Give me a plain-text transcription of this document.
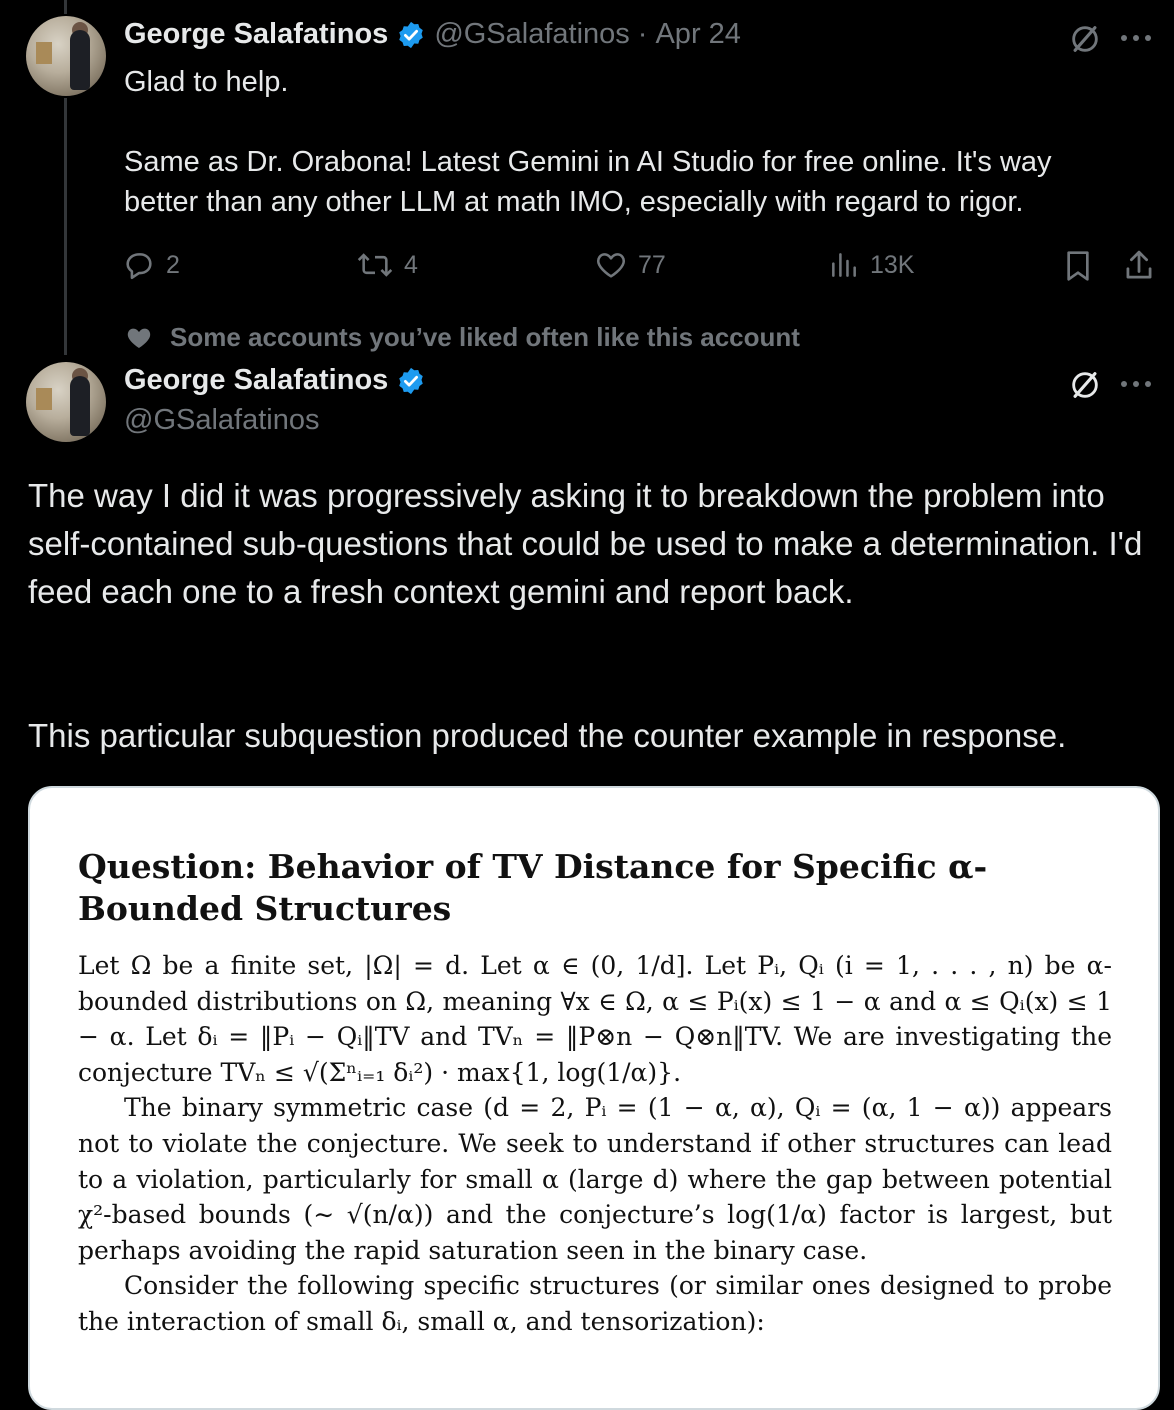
George Salafatinos @GSalafatinos · Apr 24
Glad to help.
Same as Dr. Orabona! Latest Gemini in AI Studio for free online. It's way better than any other LLM at math IMO, especially with regard to rigor.
2	4	77	13K
Some accounts you’ve liked often like this account
George Salafatinos
@GSalafatinos
The way I did it was progressively asking it to breakdown the problem into self-contained sub-questions that could be used to make a determination. I'd feed each one to a fresh context gemini and report back.
This particular subquestion produced the counter example in response.
Question: Behavior of TV Distance for Specific α-Bounded Structures

Let Ω be a finite set, |Ω| = d. Let α ∈ (0, 1/d]. Let Pᵢ, Qᵢ (i = 1, . . . , n) be α-bounded distributions on Ω, meaning ∀x ∈ Ω, α ≤ Pᵢ(x) ≤ 1 − α and α ≤ Qᵢ(x) ≤ 1 − α. Let δᵢ = ‖Pᵢ − Qᵢ‖TV and TVₙ = ‖P⊗n − Q⊗n‖TV. We are investigating the conjecture TVₙ ≤ √(Σⁿᵢ₌₁ δᵢ²) · max{1, log(1/α)}.

The binary symmetric case (d = 2, Pᵢ = (1 − α, α), Qᵢ = (α, 1 − α)) appears not to violate the conjecture. We seek to understand if other structures can lead to a violation, particularly for small α (large d) where the gap between potential χ²-based bounds (∼ √(n/α)) and the conjecture’s log(1/α) factor is largest, but perhaps avoiding the rapid saturation seen in the binary case.

Consider the following specific structures (or similar ones designed to probe the interaction of small δᵢ, small α, and tensorization):
